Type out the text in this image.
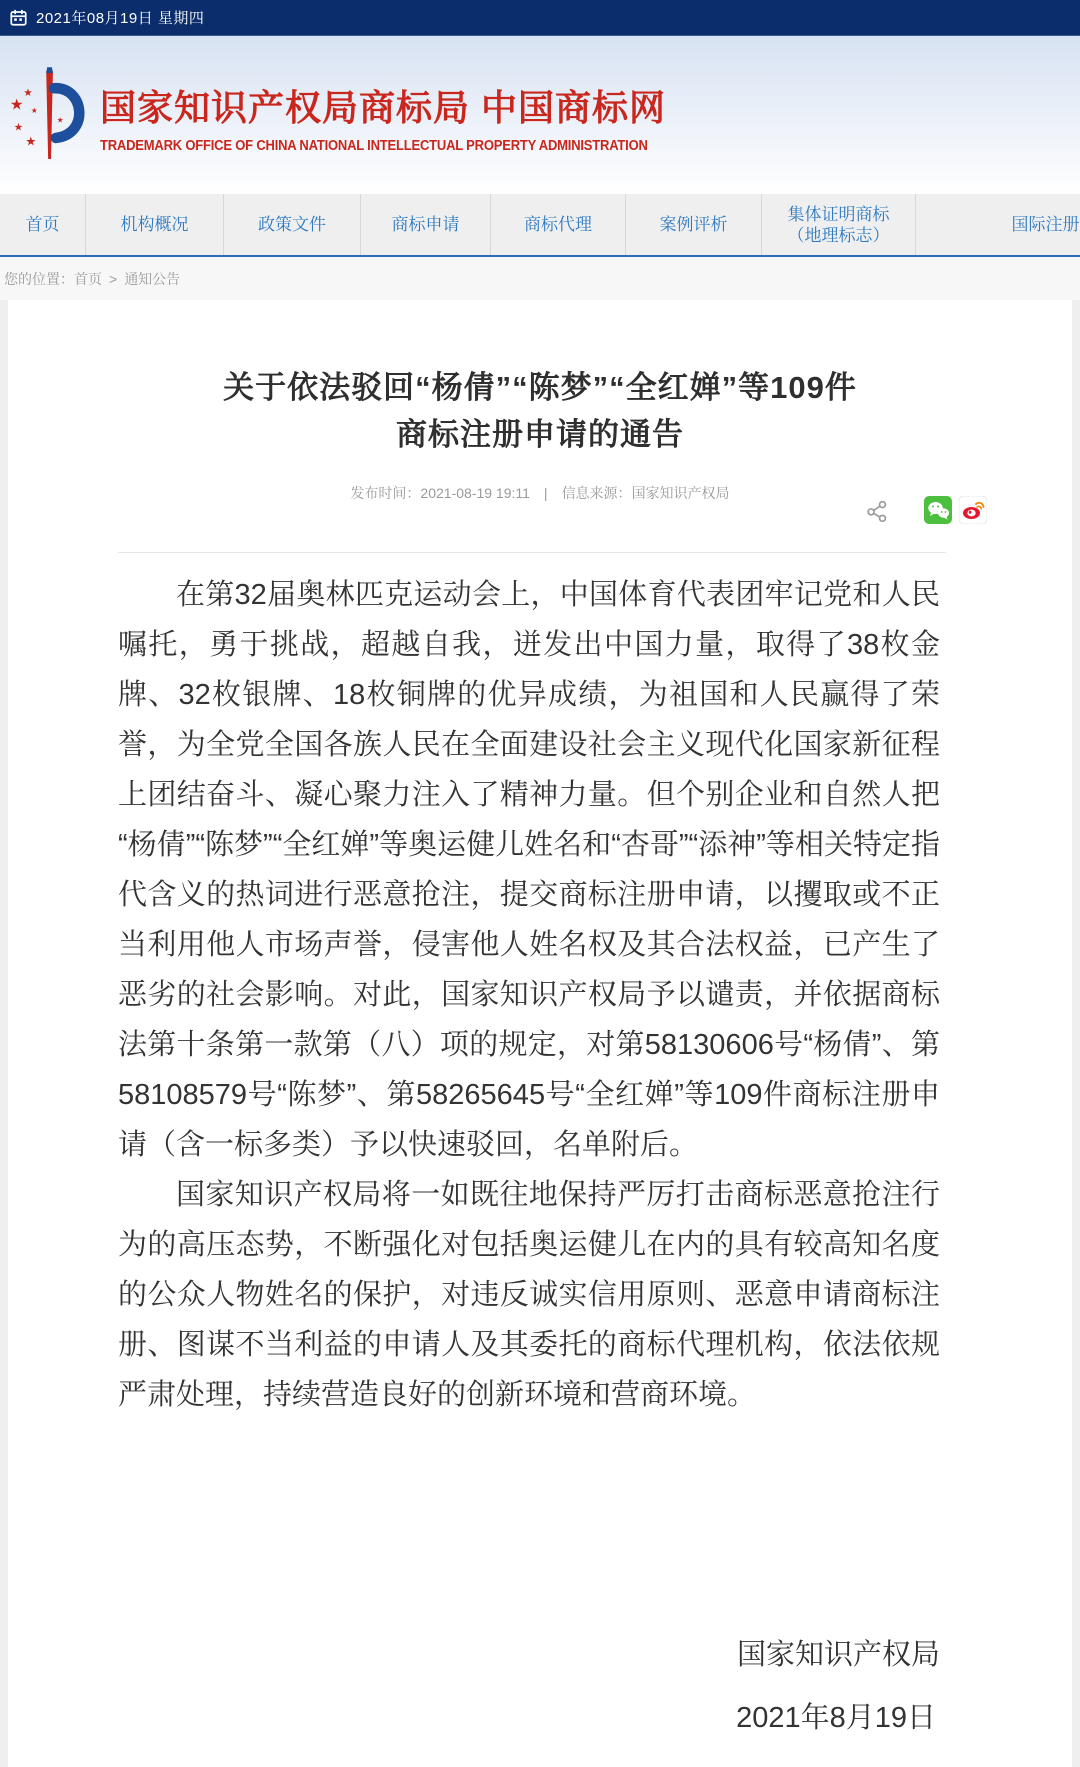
2021年08月19日 星期四
★
★
★
★
★
★ 国家知识产权局商标局 中国商标网
TRADEMARK OFFICE OF CHINA NATIONAL INTELLECTUAL PROPERTY ADMINISTRATION
首页	机构概况	政策文件	商标申请	商标代理	案例评析
集体证明商标
（地理标志）
国际注册
您的位置： 首页 > 通知公告
关于依法驳回“杨倩”“陈梦”“全红婵”等109件
商标注册申请的通告
发布时间：2021-08-19 19:11 | 信息来源：国家知识产权局

在第32届奥林匹克运动会上，中国体育代表团牢记党和人民嘱托，勇于挑战，超越自我，迸发出中国力量，取得了38枚金牌、32枚银牌、18枚铜牌的优异成绩，为祖国和人民赢得了荣誉，为全党全国各族人民在全面建设社会主义现代化国家新征程上团结奋斗、凝心聚力注入了精神力量。但个别企业和自然人把“杨倩”“陈梦”“全红婵”等奥运健儿姓名和“杏哥”“添神”等相关特定指代含义的热词进行恶意抢注，提交商标注册申请，以攫取或不正当利用他人市场声誉，侵害他人姓名权及其合法权益，已产生了恶劣的社会影响。对此，国家知识产权局予以谴责，并依据商标法第十条第一款第（八）项的规定，对第58130606号“杨倩”、第58108579号“陈梦”、第58265645号“全红婵”等109件商标注册申请（含一标多类）予以快速驳回，名单附后。

国家知识产权局将一如既往地保持严厉打击商标恶意抢注行为的高压态势，不断强化对包括奥运健儿在内的具有较高知名度的公众人物姓名的保护，对违反诚实信用原则、恶意申请商标注册、图谋不当利益的申请人及其委托的商标代理机构，依法依规严肃处理，持续营造良好的创新环境和营商环境。

国家知识产权局
2021年8月19日
